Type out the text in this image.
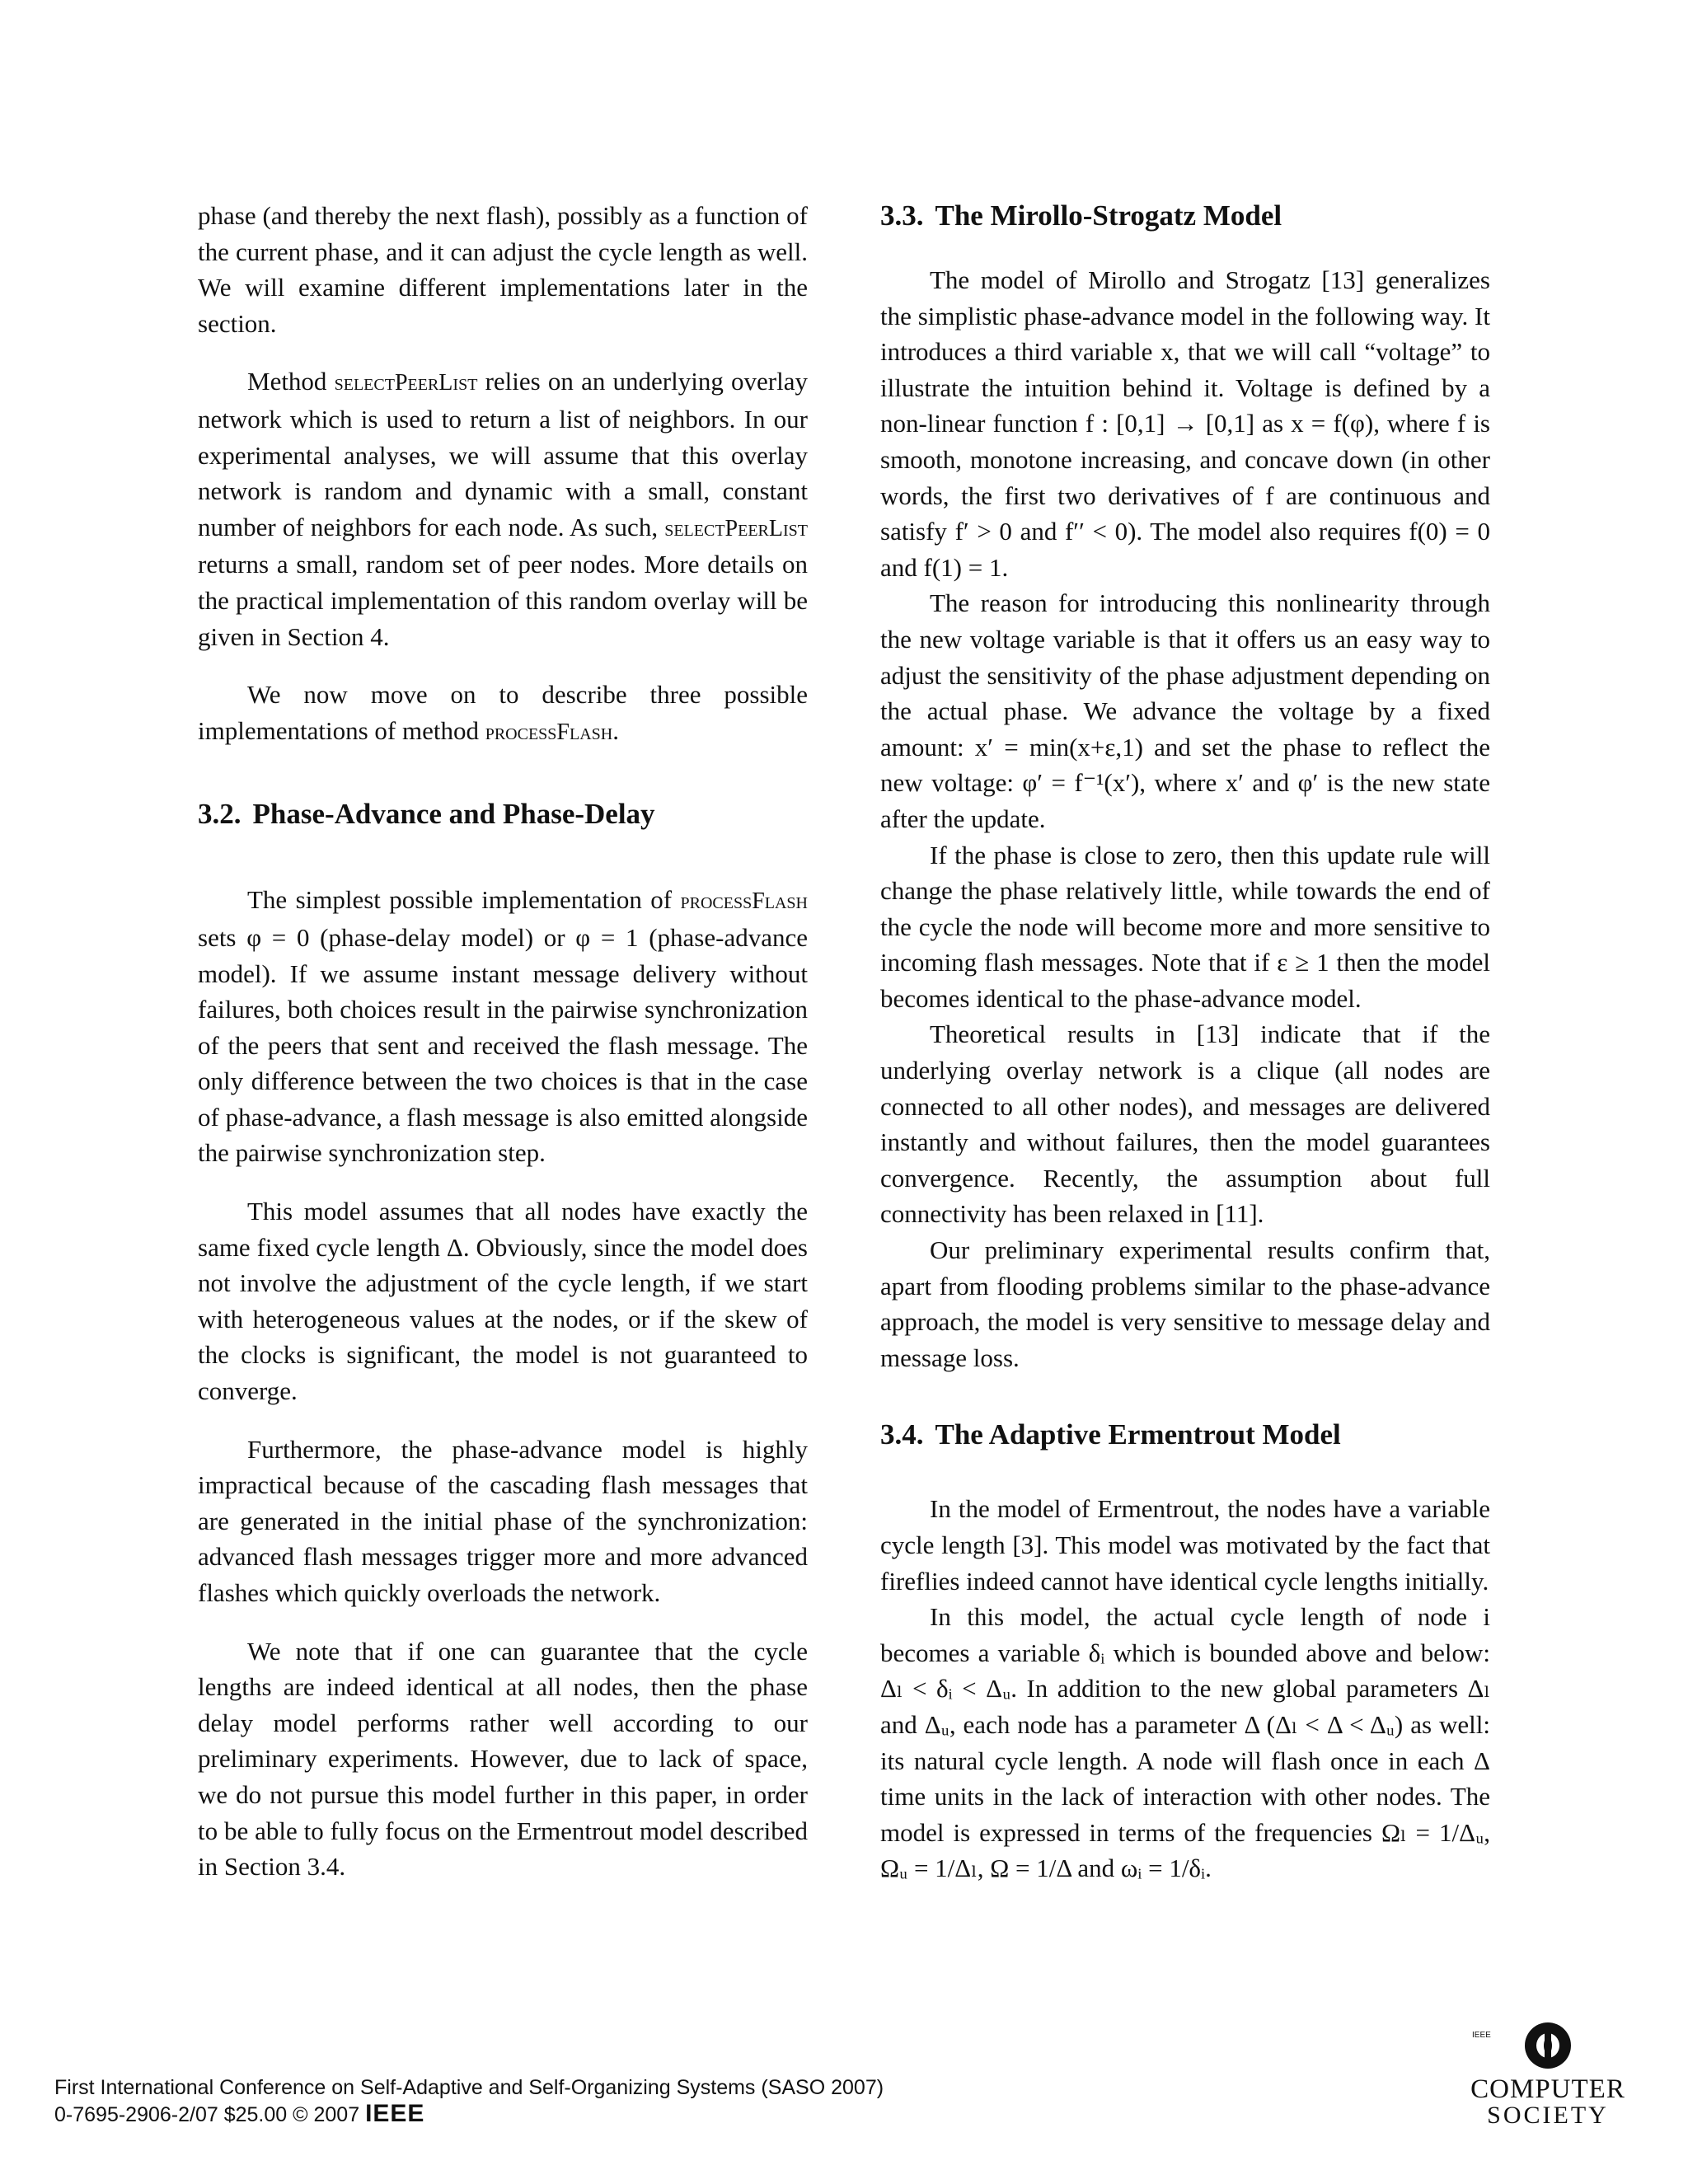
phase (and thereby the next flash), possibly as a function of the current phase, and it can adjust the cycle length as well. We will examine different implementations later in the section.

Method selectPeerList relies on an underlying overlay network which is used to return a list of neighbors. In our experimental analyses, we will assume that this overlay network is random and dynamic with a small, constant number of neighbors for each node. As such, selectPeerList returns a small, random set of peer nodes. More details on the practical implementation of this random overlay will be given in Section 4.

We now move on to describe three possible implementations of method processFlash.

3.2. Phase-Advance and Phase-Delay

The simplest possible implementation of processFlash sets φ = 0 (phase-delay model) or φ = 1 (phase-advance model). If we assume instant message delivery without failures, both choices result in the pairwise synchronization of the peers that sent and received the flash message. The only difference between the two choices is that in the case of phase-advance, a flash message is also emitted alongside the pairwise synchronization step.

This model assumes that all nodes have exactly the same fixed cycle length Δ. Obviously, since the model does not involve the adjustment of the cycle length, if we start with heterogeneous values at the nodes, or if the skew of the clocks is significant, the model is not guaranteed to converge.

Furthermore, the phase-advance model is highly impractical because of the cascading flash messages that are generated in the initial phase of the synchronization: advanced flash messages trigger more and more advanced flashes which quickly overloads the network.

We note that if one can guarantee that the cycle lengths are indeed identical at all nodes, then the phase delay model performs rather well according to our preliminary experiments. However, due to lack of space, we do not pursue this model further in this paper, in order to be able to fully focus on the Ermentrout model described in Section 3.4.

3.3. The Mirollo-Strogatz Model

The model of Mirollo and Strogatz [13] generalizes the simplistic phase-advance model in the following way. It introduces a third variable x, that we will call “voltage” to illustrate the intuition behind it. Voltage is defined by a non-linear function f : [0,1] → [0,1] as x = f(φ), where f is smooth, monotone increasing, and concave down (in other words, the first two derivatives of f are continuous and satisfy f′ > 0 and f′′ < 0). The model also requires f(0) = 0 and f(1) = 1.

The reason for introducing this nonlinearity through the new voltage variable is that it offers us an easy way to adjust the sensitivity of the phase adjustment depending on the actual phase. We advance the voltage by a fixed amount: x′ = min(x+ε,1) and set the phase to reflect the new voltage: φ′ = f⁻¹(x′), where x′ and φ′ is the new state after the update.

If the phase is close to zero, then this update rule will change the phase relatively little, while towards the end of the cycle the node will become more and more sensitive to incoming flash messages. Note that if ε ≥ 1 then the model becomes identical to the phase-advance model.

Theoretical results in [13] indicate that if the underlying overlay network is a clique (all nodes are connected to all other nodes), and messages are delivered instantly and without failures, then the model guarantees convergence. Recently, the assumption about full connectivity has been relaxed in [11].

Our preliminary experimental results confirm that, apart from flooding problems similar to the phase-advance approach, the model is very sensitive to message delay and message loss.

3.4. The Adaptive Ermentrout Model

In the model of Ermentrout, the nodes have a variable cycle length [3]. This model was motivated by the fact that fireflies indeed cannot have identical cycle lengths initially.

In this model, the actual cycle length of node i becomes a variable δᵢ which is bounded above and below: Δₗ < δᵢ < Δᵤ. In addition to the new global parameters Δₗ and Δᵤ, each node has a parameter Δ (Δₗ < Δ < Δᵤ) as well: its natural cycle length. A node will flash once in each Δ time units in the lack of interaction with other nodes. The model is expressed in terms of the frequencies Ωₗ = 1/Δᵤ, Ωᵤ = 1/Δₗ, Ω = 1/Δ and ωᵢ = 1/δᵢ.

First International Conference on Self-Adaptive and Self-Organizing Systems (SASO 2007)
0-7695-2906-2/07 $25.00 © 2007 IEEE
COMPUTER
SOCIETY
IEEE
